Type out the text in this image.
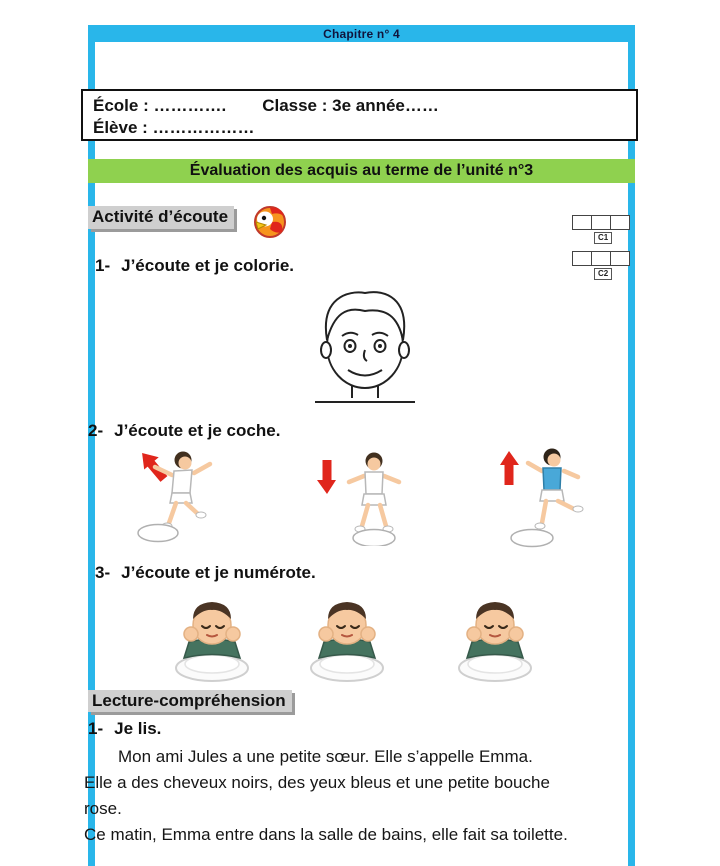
Chapitre n° 4
École : …………. Classe : 3e année……
Élève : ………………
Évaluation des acquis au terme de l’unité n°3
Activité d’écoute
C1
C2
1- J’écoute et je colorie.
2- J’écoute et je coche.
3- J’écoute et je numérote.
Lecture-compréhension
1- Je lis.
Mon ami Jules a une petite sœur. Elle s’appelle Emma.
Elle a des cheveux noirs, des yeux bleus et une petite bouche
rose.
Ce matin, Emma entre dans la salle de bains, elle fait sa toilette.
